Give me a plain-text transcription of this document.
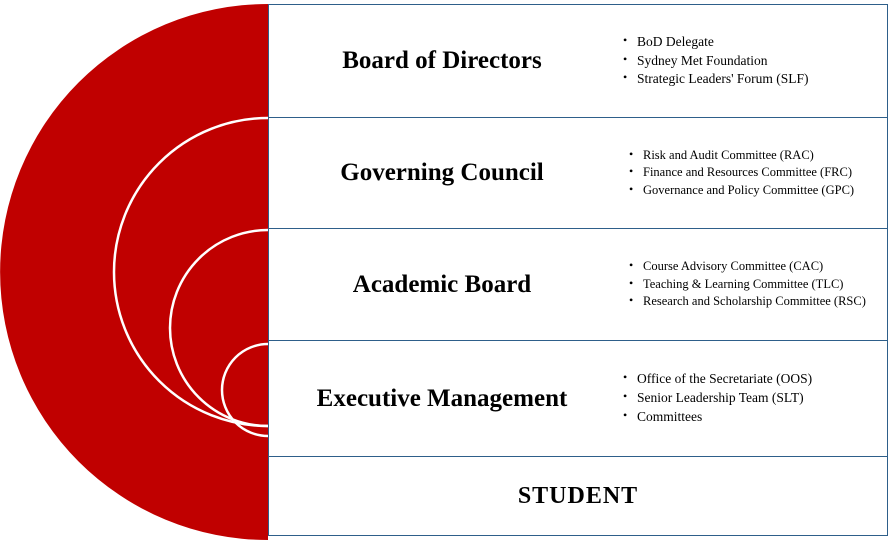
Board of Directors
• BoD Delegate
• Sydney Met Foundation
• Strategic Leaders' Forum (SLF)
Governing Council
• Risk and Audit Committee (RAC)
• Finance and Resources Committee (FRC)
• Governance and Policy Committee (GPC)
Academic Board
• Course Advisory Committee (CAC)
• Teaching & Learning Committee (TLC)
• Research and Scholarship Committee (RSC)
Executive Management
• Office of the Secretariate (OOS)
• Senior Leadership Team (SLT)
• Committees
STUDENT
